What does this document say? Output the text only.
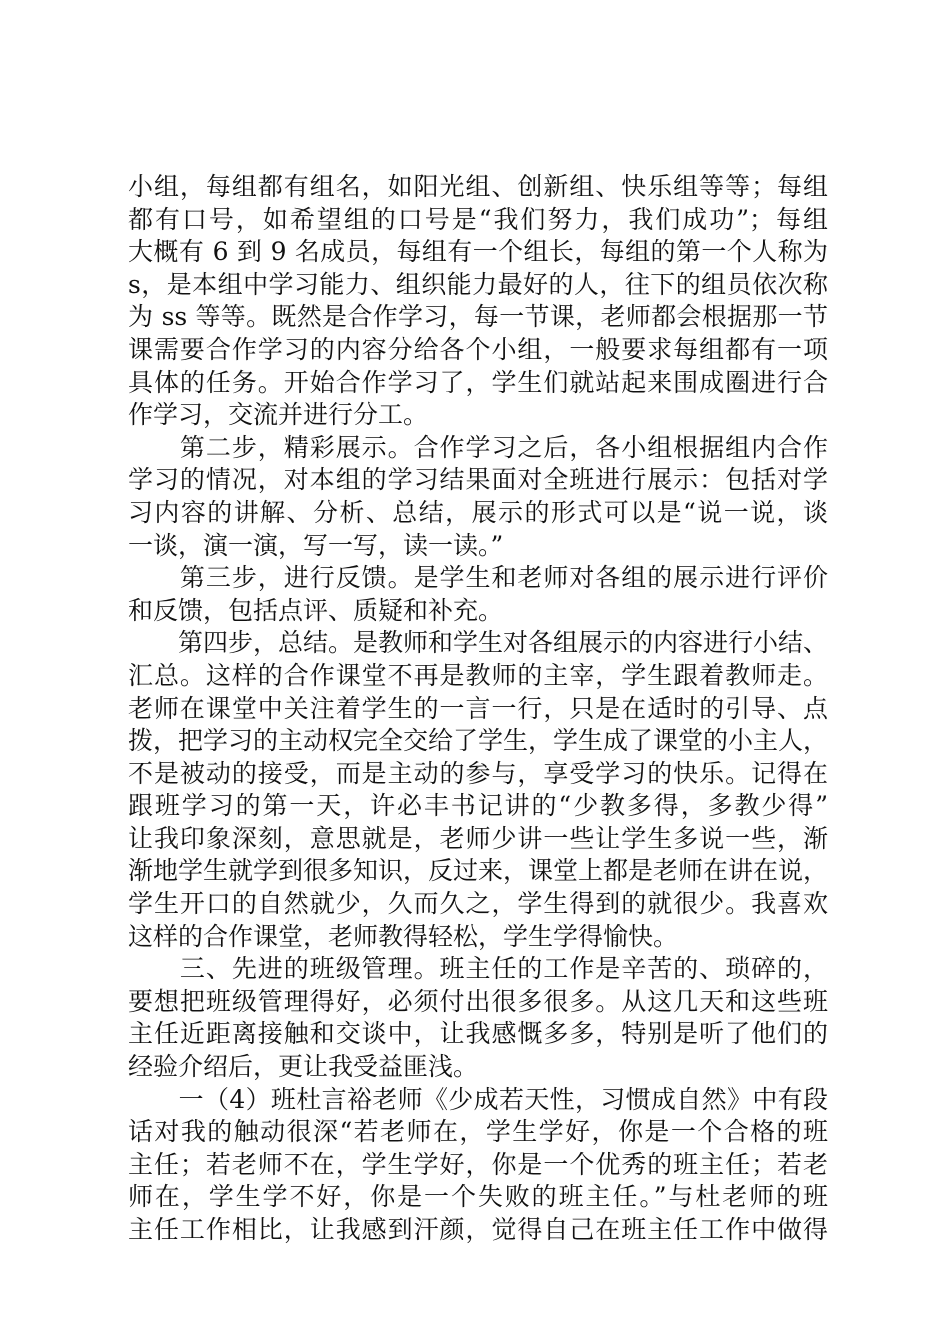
小组，每组都有组名，如阳光组、创新组、快乐组等等；每组
都有口号，如希望组的口号是“我们努力，我们成功”；每组
大概有 6 到 9 名成员，每组有一个组长，每组的第一个人称为
s，是本组中学习能力、组织能力最好的人，往下的组员依次称
为 ss 等等。既然是合作学习，每一节课，老师都会根据那一节
课需要合作学习的内容分给各个小组，一般要求每组都有一项
具体的任务。开始合作学习了，学生们就站起来围成圈进行合
作学习，交流并进行分工。
　　第二步，精彩展示。合作学习之后，各小组根据组内合作
学习的情况，对本组的学习结果面对全班进行展示：包括对学
习内容的讲解、分析、总结，展示的形式可以是“说一说，谈
一谈，演一演，写一写，读一读。”
　　第三步，进行反馈。是学生和老师对各组的展示进行评价
和反馈，包括点评、质疑和补充。
　　第四步，总结。是教师和学生对各组展示的内容进行小结、
汇总。这样的合作课堂不再是教师的主宰，学生跟着教师走。
老师在课堂中关注着学生的一言一行，只是在适时的引导、点
拨，把学习的主动权完全交给了学生，学生成了课堂的小主人，
不是被动的接受，而是主动的参与，享受学习的快乐。记得在
跟班学习的第一天，许必丰书记讲的“少教多得，多教少得”
让我印象深刻，意思就是，老师少讲一些让学生多说一些，渐
渐地学生就学到很多知识，反过来，课堂上都是老师在讲在说，
学生开口的自然就少，久而久之，学生得到的就很少。我喜欢
这样的合作课堂，老师教得轻松，学生学得愉快。
　　三、先进的班级管理。班主任的工作是辛苦的、琐碎的，
要想把班级管理得好，必须付出很多很多。从这几天和这些班
主任近距离接触和交谈中，让我感慨多多，特别是听了他们的
经验介绍后，更让我受益匪浅。
　　一（4）班杜言裕老师《少成若天性，习惯成自然》中有段
话对我的触动很深“若老师在，学生学好，你是一个合格的班
主任；若老师不在，学生学好，你是一个优秀的班主任；若老
师在，学生学不好，你是一个失败的班主任。”与杜老师的班
主任工作相比，让我感到汗颜，觉得自己在班主任工作中做得
